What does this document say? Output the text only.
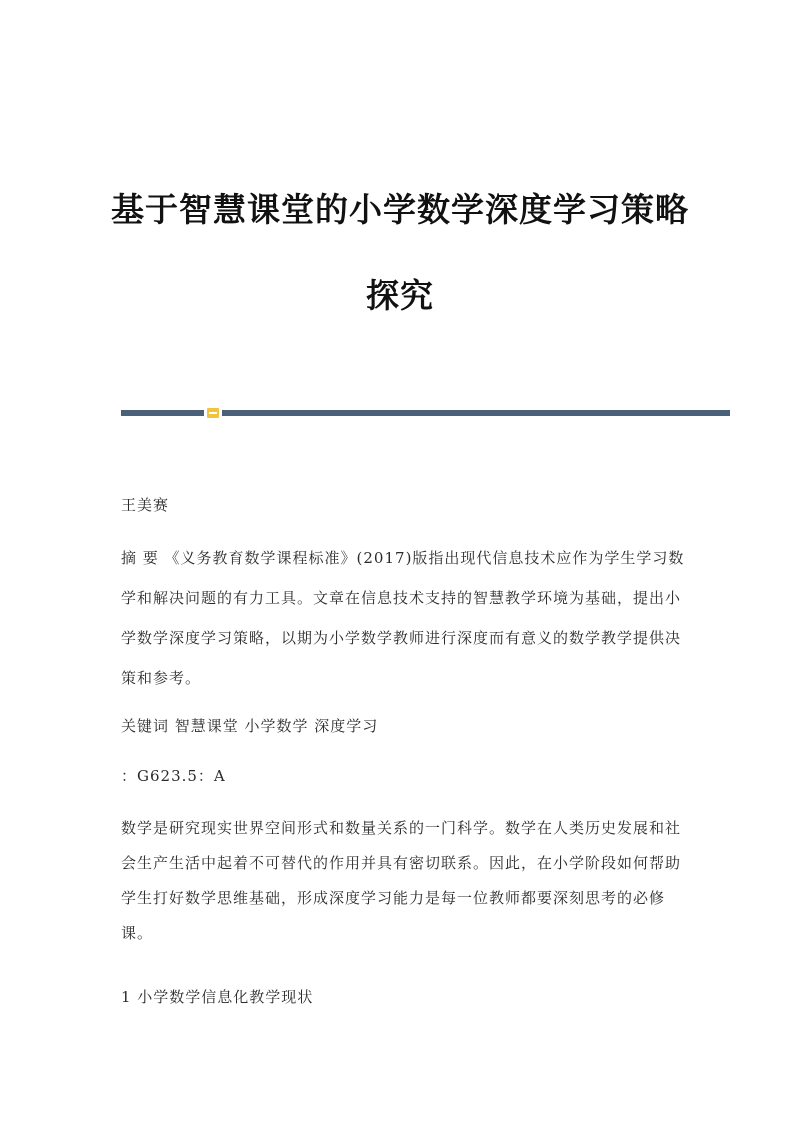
基于智慧课堂的小学数学深度学习策略
探究
王美赛
摘 要 《义务教育数学课程标准》(2017)版指出现代信息技术应作为学生学习数学和解决问题的有力工具。文章在信息技术支持的智慧教学环境为基础，提出小学数学深度学习策略，以期为小学数学教师进行深度而有意义的数学教学提供决策和参考。
关键词 智慧课堂 小学数学 深度学习
：G623.5：A
数学是研究现实世界空间形式和数量关系的一门科学。数学在人类历史发展和社会生产生活中起着不可替代的作用并具有密切联系。因此，在小学阶段如何帮助学生打好数学思维基础，形成深度学习能力是每一位教师都要深刻思考的必修课。
1 小学数学信息化教学现状
